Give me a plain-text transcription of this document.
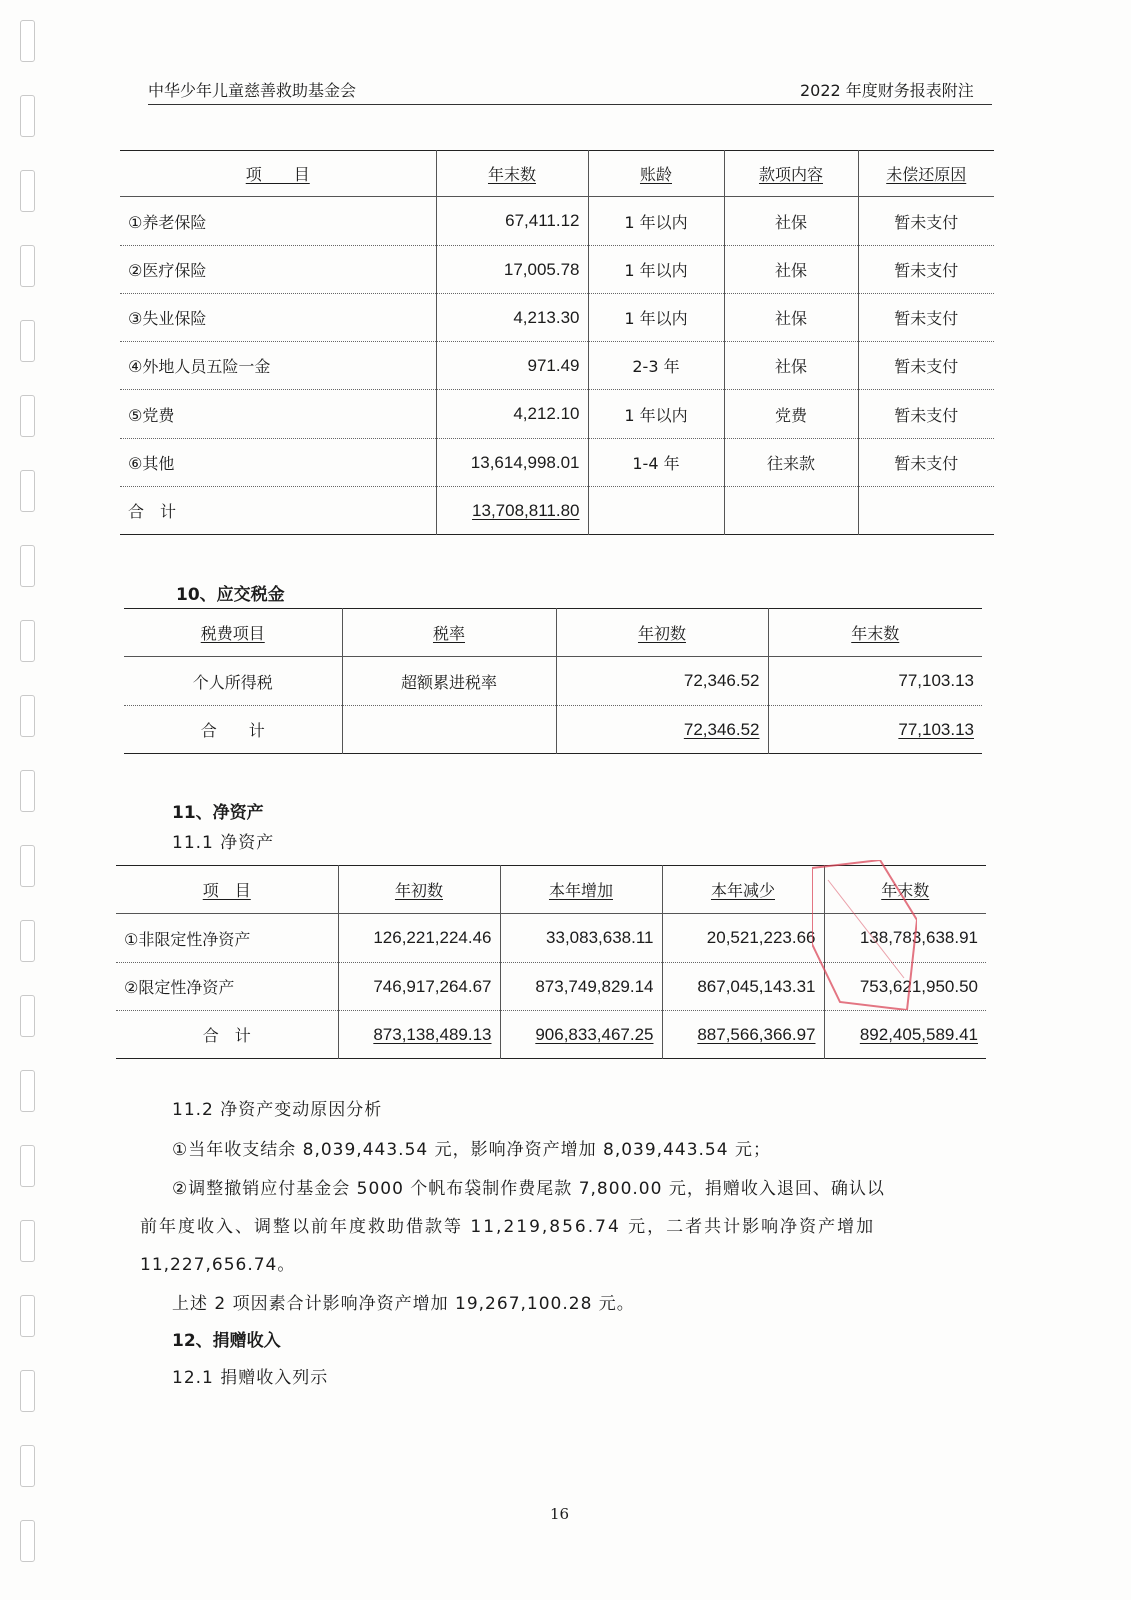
中华少年儿童慈善救助基金会	2022 年度财务报表附注
项　　目	年末数	账龄	款项内容	未偿还原因
①养老保险	67,411.12	1 年以内	社保	暂未支付
②医疗保险	17,005.78	1 年以内	社保	暂未支付
③失业保险	4,213.30	1 年以内	社保	暂未支付
④外地人员五险一金	971.49	2-3 年	社保	暂未支付
⑤党费	4,212.10	1 年以内	党费	暂未支付
⑥其他	13,614,998.01	1-4 年	往来款	暂未支付
合　计	13,708,811.80			
10、应交税金
税费项目	税率	年初数	年末数
个人所得税	超额累进税率	72,346.52	77,103.13
合　　计		72,346.52	77,103.13
11、净资产
11.1 净资产
项　目	年初数	本年增加	本年减少	年末数
①非限定性净资产	126,221,224.46	33,083,638.11	20,521,223.66	138,783,638.91
②限定性净资产	746,917,264.67	873,749,829.14	867,045,143.31	753,621,950.50
合　计	873,138,489.13	906,833,467.25	887,566,366.97	892,405,589.41
11.2 净资产变动原因分析
①当年收支结余 8,039,443.54 元，影响净资产增加 8,039,443.54 元；
②调整撤销应付基金会 5000 个帆布袋制作费尾款 7,800.00 元，捐赠收入退回、确认以
前年度收入、调整以前年度救助借款等 11,219,856.74 元，二者共计影响净资产增加
11,227,656.74。
上述 2 项因素合计影响净资产增加 19,267,100.28 元。
12、捐赠收入
12.1 捐赠收入列示
16
